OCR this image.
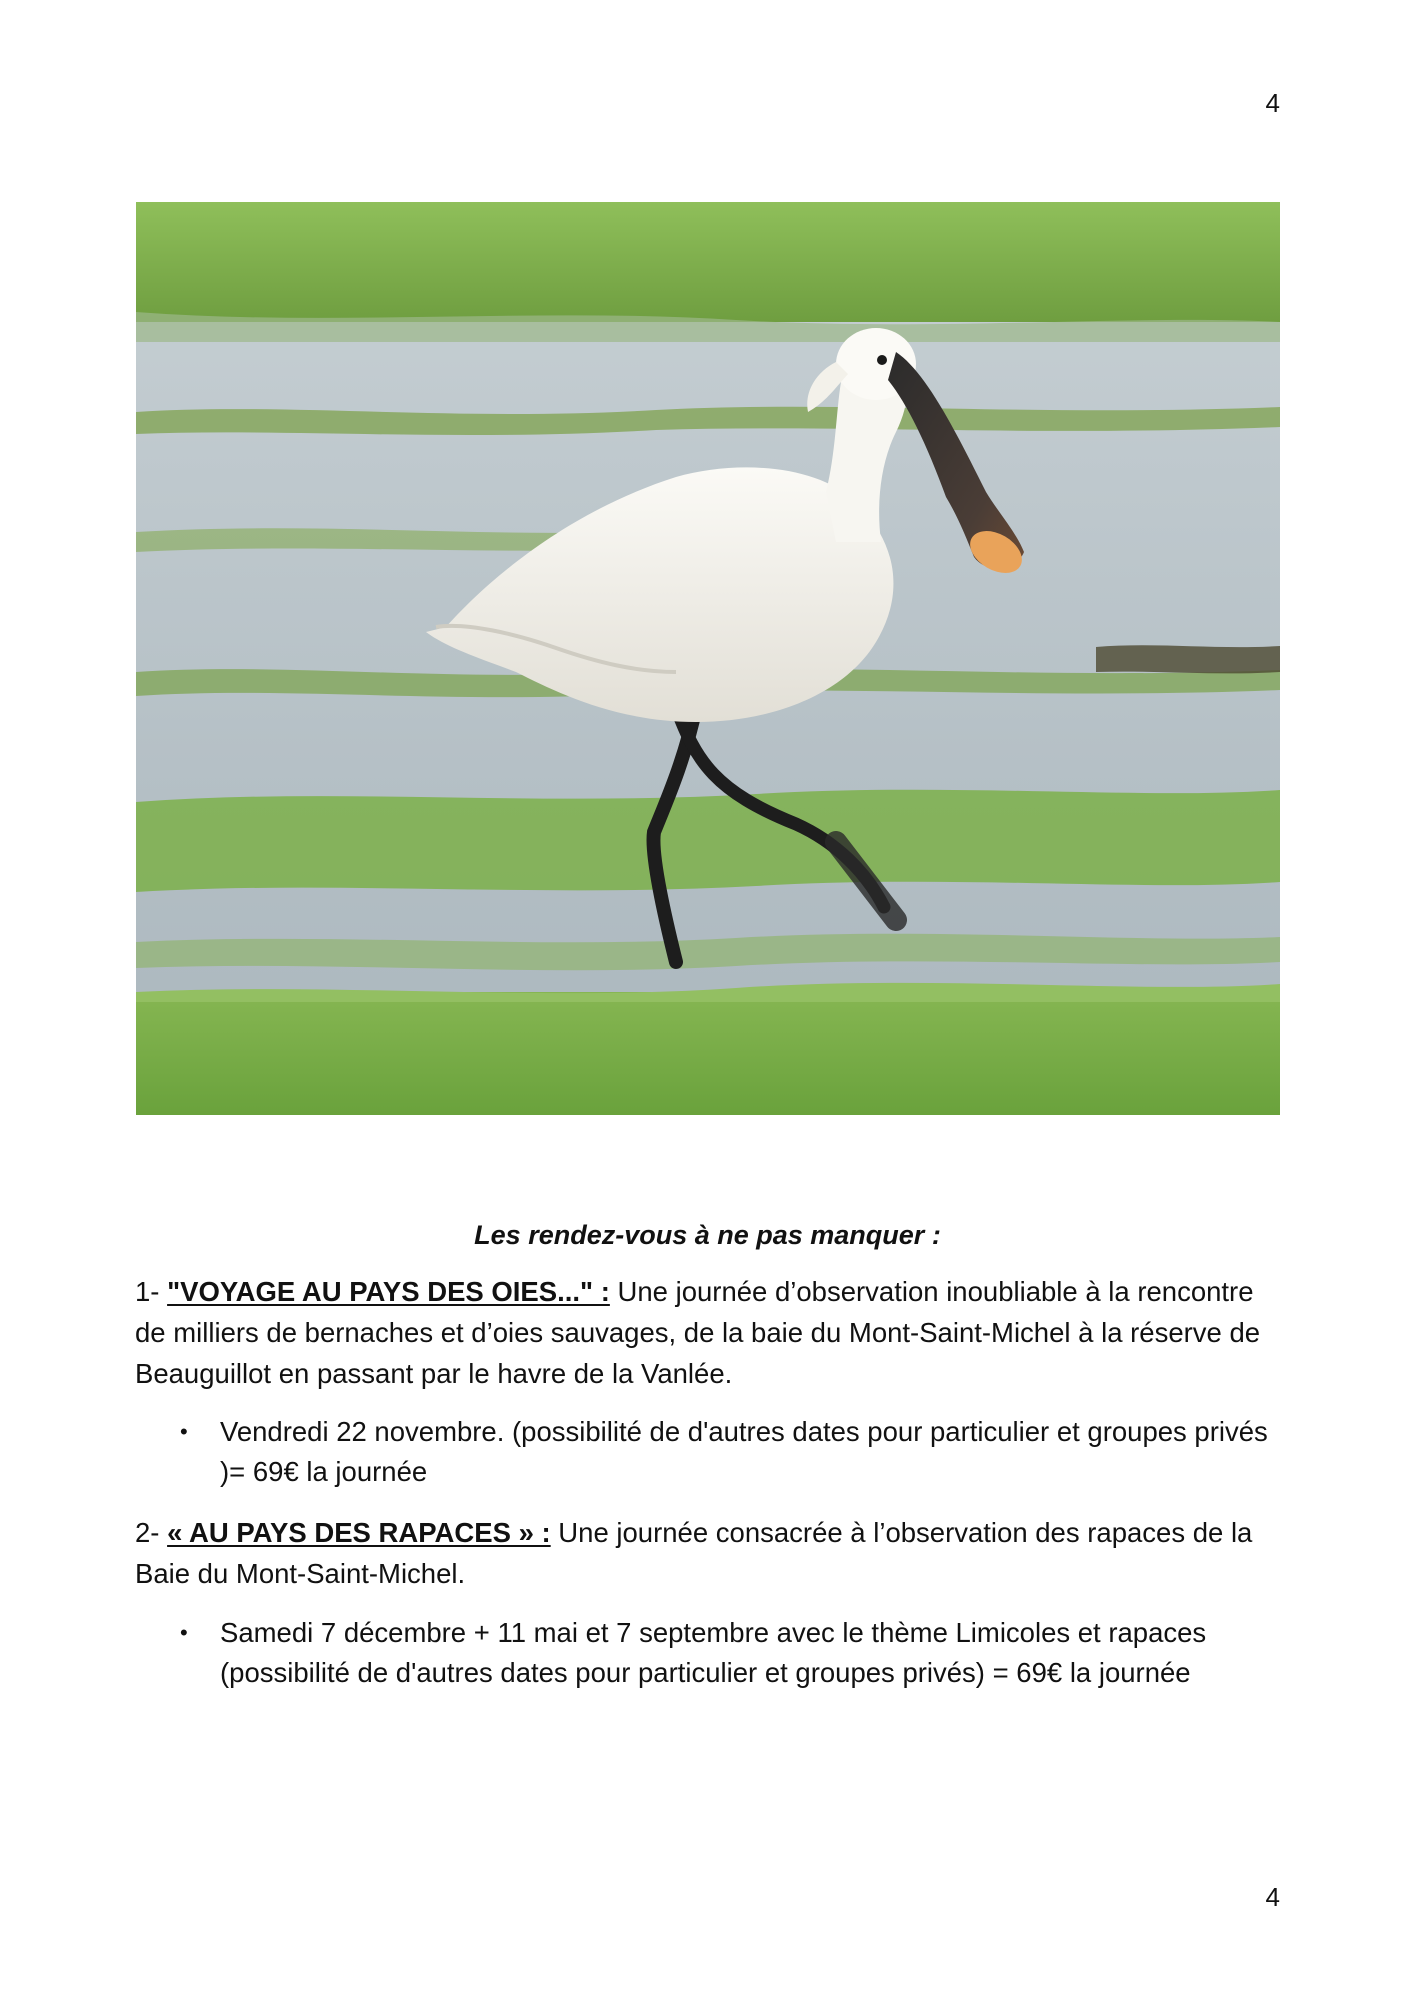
4
Les rendez-vous à ne pas manquer :
1- "VOYAGE AU PAYS DES OIES..." : Une journée d’observation inoubliable à la rencontre de milliers de bernaches et d’oies sauvages, de la baie du Mont-Saint-Michel à la réserve de Beauguillot en passant par le havre de la Vanlée.
• Vendredi 22 novembre. (possibilité de d'autres dates pour particulier et groupes privés )= 69€ la journée
2- « AU PAYS DES RAPACES » : Une journée consacrée à l’observation des rapaces de la Baie du Mont-Saint-Michel.
• Samedi 7 décembre + 11 mai et 7 septembre avec le thème Limicoles et rapaces (possibilité de d'autres dates pour particulier et groupes privés) = 69€ la journée
4
